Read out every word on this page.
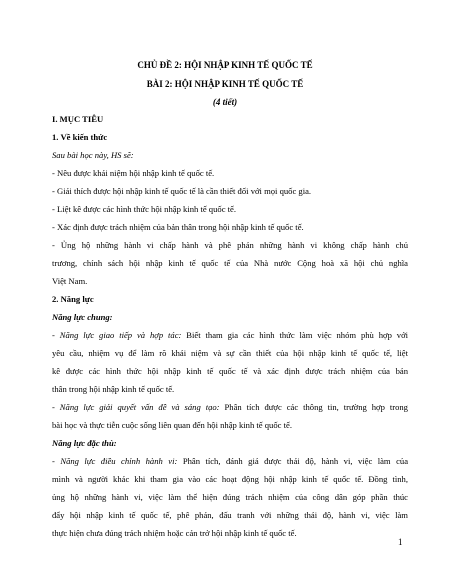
CHỦ ĐỀ 2: HỘI NHẬP KINH TẾ QUỐC TẾ
BÀI 2: HỘI NHẬP KINH TẾ QUỐC TẾ
(4 tiết)
I. MỤC TIÊU
1. Về kiến thức
Sau bài học này, HS sẽ:
- Nêu được khái niệm hội nhập kinh tế quốc tế.
- Giải thích được hội nhập kinh tế quốc tế là cần thiết đối với mọi quốc gia.
- Liệt kê được các hình thức hội nhập kinh tế quốc tế.
- Xác định được trách nhiệm của bản thân trong hội nhập kinh tế quốc tế.
- Ủng hộ những hành vi chấp hành và phê phán những hành vi không chấp hành chủ
trương, chính sách hội nhập kinh tế quốc tế của Nhà nước Cộng hoà xã hội chủ nghĩa
Việt Nam.
2. Năng lực
Năng lực chung:
- Năng lực giao tiếp và hợp tác: Biết tham gia các hình thức làm việc nhóm phù hợp với
yêu cầu, nhiệm vụ để làm rõ khái niệm và sự cần thiết của hội nhập kinh tế quốc tế, liệt
kê được các hình thức hội nhập kinh tế quốc tế và xác định được trách nhiệm của bản
thân trong hội nhập kinh tế quốc tế.
- Năng lực giải quyết vấn đề và sáng tạo: Phân tích được các thông tin, trường hợp trong
bài học và thực tiễn cuộc sống liên quan đến hội nhập kinh tế quốc tế.
Năng lực đặc thù:
- Năng lực điều chỉnh hành vi: Phân tích, đánh giá được thái độ, hành vi, việc làm của
mình và người khác khi tham gia vào các hoạt động hội nhập kinh tế quốc tế. Đồng tình,
ủng hộ những hành vi, việc làm thể hiện đúng trách nhiệm của công dân góp phần thúc
đẩy hội nhập kinh tế quốc tế, phê phán, đấu tranh với những thái độ, hành vi, việc làm
thực hiện chưa đúng trách nhiệm hoặc cản trở hội nhập kinh tế quốc tế.
1
